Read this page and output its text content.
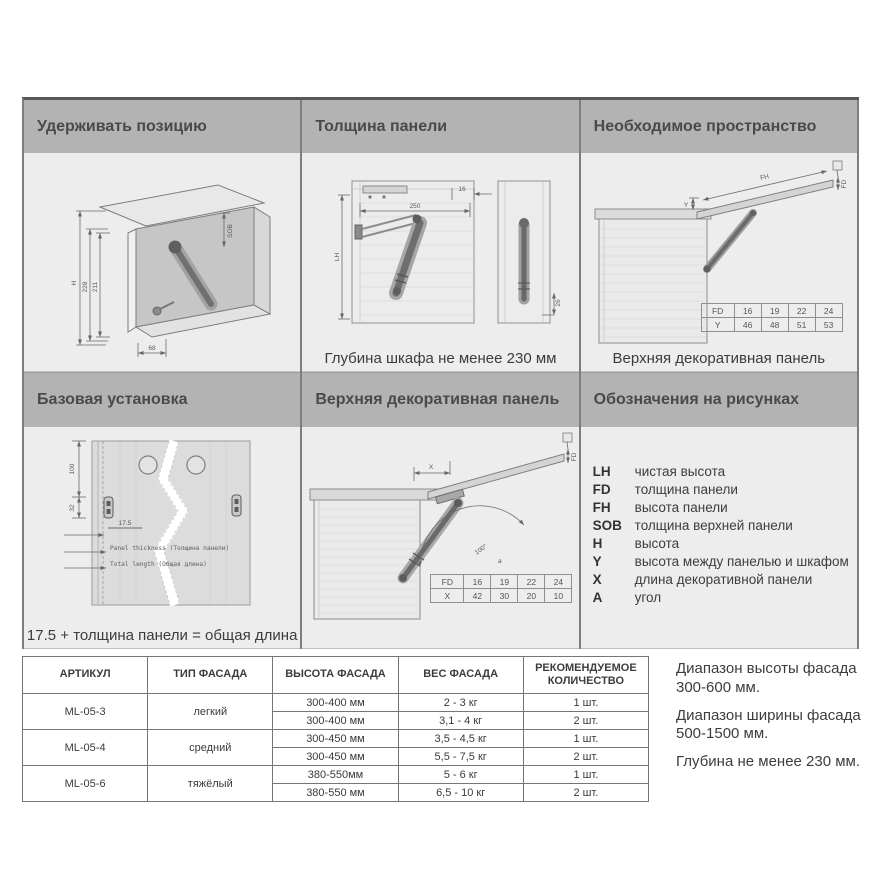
Удерживать позицию
H 228 211
SOB
68
Толщина панели
LH
250
16
26
Глубина шкафа не менее 230 мм
Необходимое пространство
FH
Y
FD
FD	16	19	22	24
Y	46	48	51	53
Верхняя декоративная панель
Базовая установка
100
32
17.5
Panel thickness (Толщина панели)
Total length (Общая длина)
17.5 + толщина панели = общая длина
Верхняя декоративная панель
X
FD
100°
a
FD	16	19	22	24
X	42	30	20	10
Обозначения на рисунках
LH	чистая высота
FD	толщина панели
FH	высота панели
SOB толщина верхней панели
H	высота
Y	высота между панелью и шкафом
X	длина декоративной панели
A	угол
АРТИКУЛ	ТИП ФАСАДА	ВЫСОТА ФАСАДА	ВЕС ФАСАДА	РЕКОМЕНДУЕМОЕ КОЛИЧЕСТВО
ML-05-3	легкий	300-400 мм	2 - 3 кг	1 шт.
		300-400 мм	3,1 - 4 кг	2 шт.
ML-05-4	средний	300-450 мм	3,5 - 4,5 кг	1 шт.
		300-450 мм	5,5 - 7,5 кг	2 шт.
ML-05-6	тяжёлый	380-550мм	5 - 6 кг	1 шт.
		380-550 мм	6,5 - 10 кг	2 шт.

Диапазон высоты фасада 300-600 мм.

Диапазон ширины фасада 500-1500 мм.

Глубина не менее 230 мм.
